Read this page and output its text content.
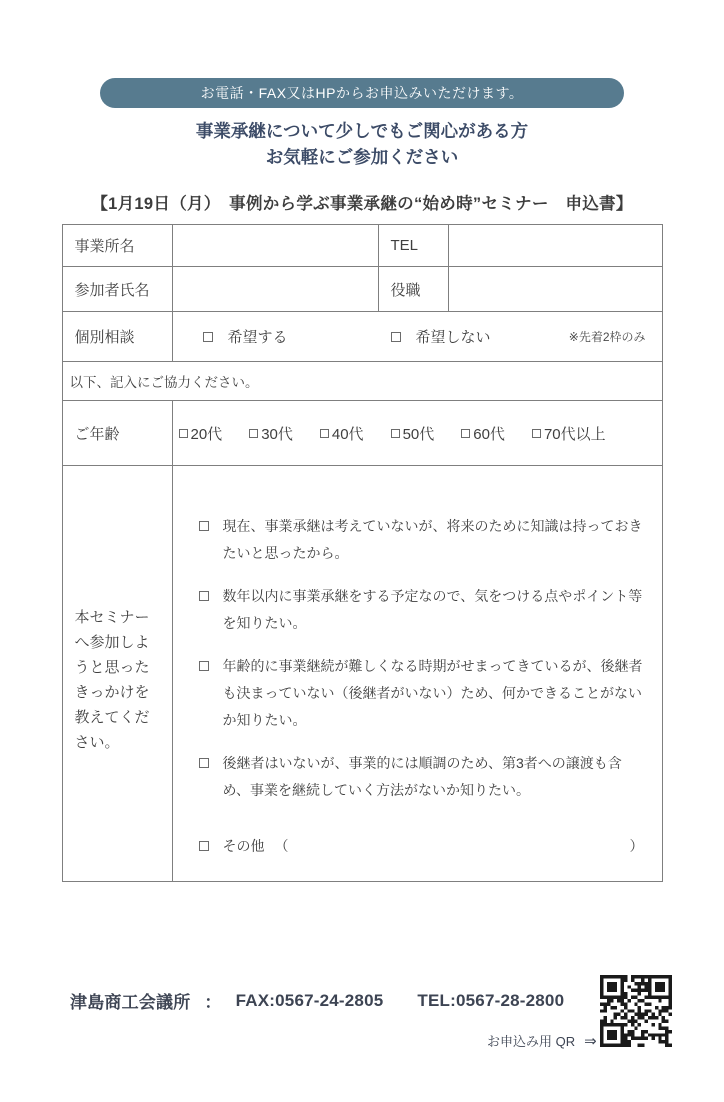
お電話・FAX又はHPからお申込みいただけます。
事業承継について少しでもご関心がある方
お気軽にご参加ください
【1月19日（月）　事例から学ぶ事業承継の“始め時”セミナー　申込書】
事業所名		TEL	
参加者氏名		役職	
個別相談	希望する 希望しない ※先着2枠のみ		

以下、記入にご協力ください。			
ご年齢	20代	30代	40代	50代	60代	70代以上

本セミナーへ参加しようと思ったきっかけを教えてください。	
現在、事業承継は考えていないが、将来のために知識は持っておきたいと思ったから。
数年以内に事業承継をする予定なので、気をつける点やポイント等を知りたい。
年齢的に事業継続が難しくなる時期がせまってきているが、後継者も決まっていない（後継者がいない）ため、何かできることがないか知りたい。
後継者はいないが、事業的には順調のため、第3者への譲渡も含め、事業を継続していく方法がないか知りたい。
その他 （	）
津島商工会議所 ： FAX:0567-24-2805 TEL:0567-28-2800
お申込み用 QR ⇒
